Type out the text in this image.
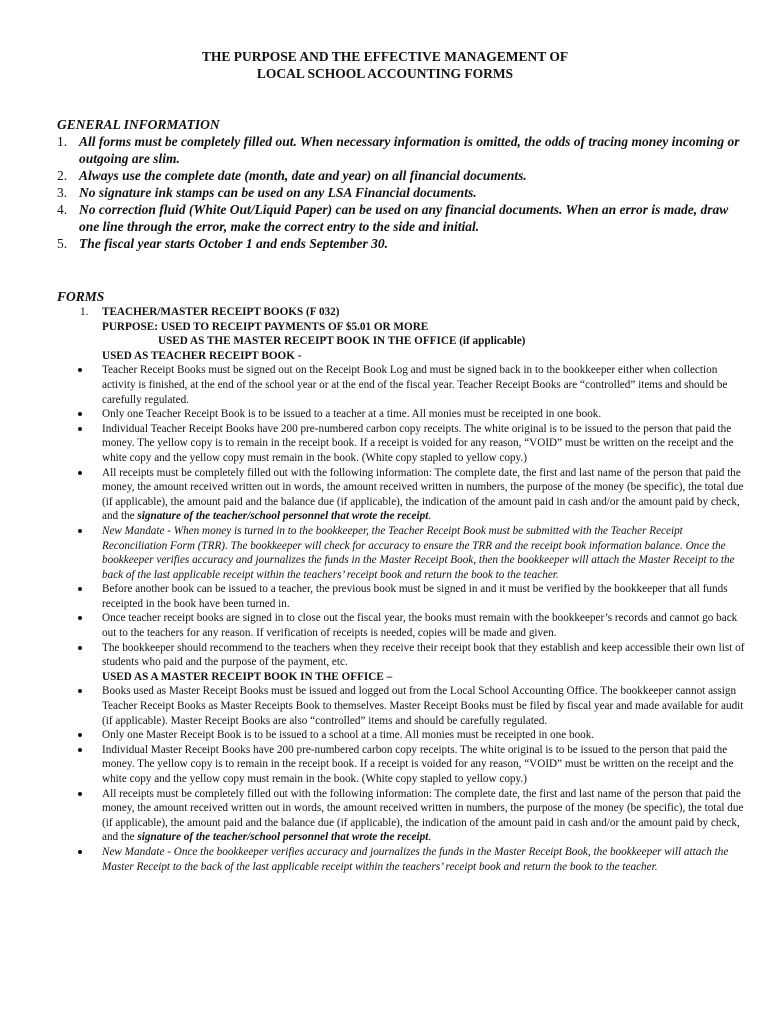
THE PURPOSE AND THE EFFECTIVE MANAGEMENT OF
LOCAL SCHOOL ACCOUNTING FORMS
GENERAL INFORMATION
1. All forms must be completely filled out. When necessary information is omitted, the odds of tracing money incoming or outgoing are slim.
2. Always use the complete date (month, date and year) on all financial documents.
3. No signature ink stamps can be used on any LSA Financial documents.
4. No correction fluid (White Out/Liquid Paper) can be used on any financial documents. When an error is made, draw one line through the error, make the correct entry to the side and initial.
5. The fiscal year starts October 1 and ends September 30.
FORMS
1. TEACHER/MASTER RECEIPT BOOKS (F 032)
PURPOSE: USED TO RECEIPT PAYMENTS OF $5.01 OR MORE
USED AS THE MASTER RECEIPT BOOK IN THE OFFICE (if applicable)
USED AS TEACHER RECEIPT BOOK -
Teacher Receipt Books must be signed out on the Receipt Book Log and must be signed back in to the bookkeeper either when collection activity is finished, at the end of the school year or at the end of the fiscal year. Teacher Receipt Books are “controlled” items and should be carefully regulated.
Only one Teacher Receipt Book is to be issued to a teacher at a time. All monies must be receipted in one book.
Individual Teacher Receipt Books have 200 pre-numbered carbon copy receipts. The white original is to be issued to the person that paid the money. The yellow copy is to remain in the receipt book. If a receipt is voided for any reason, “VOID” must be written on the receipt and the white copy and the yellow copy must remain in the book. (White copy stapled to yellow copy.)
All receipts must be completely filled out with the following information: The complete date, the first and last name of the person that paid the money, the amount received written out in words, the amount received written in numbers, the purpose of the money (be specific), the total due (if applicable), the amount paid and the balance due (if applicable), the indication of the amount paid in cash and/or the amount paid by check, and the signature of the teacher/school personnel that wrote the receipt.
New Mandate - When money is turned in to the bookkeeper, the Teacher Receipt Book must be submitted with the Teacher Receipt Reconciliation Form (TRR). The bookkeeper will check for accuracy to ensure the TRR and the receipt book information balance. Once the bookkeeper verifies accuracy and journalizes the funds in the Master Receipt Book, then the bookkeeper will attach the Master Receipt to the back of the last applicable receipt within the teachers’ receipt book and return the book to the teacher.
Before another book can be issued to a teacher, the previous book must be signed in and it must be verified by the bookkeeper that all funds receipted in the book have been turned in.
Once teacher receipt books are signed in to close out the fiscal year, the books must remain with the bookkeeper’s records and cannot go back out to the teachers for any reason. If verification of receipts is needed, copies will be made and given.
The bookkeeper should recommend to the teachers when they receive their receipt book that they establish and keep accessible their own list of students who paid and the purpose of the payment, etc.
USED AS A MASTER RECEIPT BOOK IN THE OFFICE –
Books used as Master Receipt Books must be issued and logged out from the Local School Accounting Office. The bookkeeper cannot assign Teacher Receipt Books as Master Receipts Book to themselves. Master Receipt Books must be filed by fiscal year and made available for audit (if applicable). Master Receipt Books are also “controlled” items and should be carefully regulated.
Only one Master Receipt Book is to be issued to a school at a time. All monies must be receipted in one book.
Individual Master Receipt Books have 200 pre-numbered carbon copy receipts. The white original is to be issued to the person that paid the money. The yellow copy is to remain in the receipt book. If a receipt is voided for any reason, “VOID” must be written on the receipt and the white copy and the yellow copy must remain in the book. (White copy stapled to yellow copy.)
All receipts must be completely filled out with the following information: The complete date, the first and last name of the person that paid the money, the amount received written out in words, the amount received written in numbers, the purpose of the money (be specific), the total due (if applicable), the amount paid and the balance due (if applicable), the indication of the amount paid in cash and/or the amount paid by check, and the signature of the teacher/school personnel that wrote the receipt.
New Mandate - Once the bookkeeper verifies accuracy and journalizes the funds in the Master Receipt Book, the bookkeeper will attach the Master Receipt to the back of the last applicable receipt within the teachers’ receipt book and return the book to the teacher.
